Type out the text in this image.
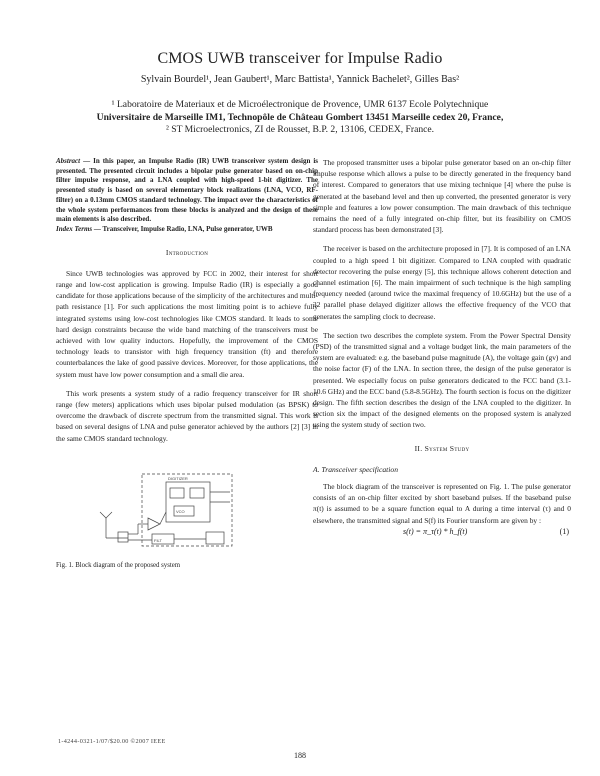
CMOS UWB transceiver for Impulse Radio
Sylvain Bourdel¹, Jean Gaubert¹, Marc Battista¹, Yannick Bachelet², Gilles Bas²
¹ Laboratoire de Materiaux et de Microélectronique de Provence, UMR 6137 Ecole Polytechnique
Universitaire de Marseille IM1, Technopôle de Château Gombert 13451 Marseille cedex 20, France,
² ST Microelectronics, ZI de Rousset, B.P. 2, 13106, CEDEX, France.

Abstract — In this paper, an Impulse Radio (IR) UWB transceiver system design is presented. The presented circuit includes a bipolar pulse generator based on on-chip filter impulse response, and a LNA coupled with high-speed 1-bit digitizer. The presented study is based on several elementary block realizations (LNA, VCO, RF-filter) on a 0.13mm CMOS standard technology. The impact over the characteristics of the whole system performances from these blocks is analyzed and the design of these main elements is also described.

Index Terms — Transceiver, Impulse Radio, LNA, Pulse generator, UWB

Introduction

Since UWB technologies was approved by FCC in 2002, their interest for short range and low-cost application is growing. Impulse Radio (IR) is especially a good candidate for those applications because of the simplicity of the architectures and multi-path resistance [1]. For such applications the most limiting point is to achieve fully integrated systems using low-cost technologies like CMOS standard. It leads to some hard design constraints because the wide band matching of the transceivers must be achieved with low quality inductors. Hopefully, the improvement of the CMOS technology leads to transistor with high frequency transition (ft) and therefore counterbalances the lake of good passive devices. Moreover, for those applications, the system must have low power consumption and a small die area.

This work presents a system study of a radio frequency transceiver for IR short range (few meters) applications which uses bipolar pulsed modulation (as BPSK) to overcome the drawback of discrete spectrum from the transmitted signal. This work is based on several designs of LNA and pulse generator achieved by the authors [2] [3] in the same CMOS standard technology.

DIGITIZER
VCO
FILT
Fig. 1. Block diagram of the proposed system

The proposed transmitter uses a bipolar pulse generator based on an on-chip filter impulse response which allows a pulse to be directly generated in the frequency band of interest. Compared to generators that use mixing technique [4] where the pulse is generated at the baseband level and then up converted, the presented generator is very simple and features a low power consumption. The main drawback of this technique remains the need of a fully integrated on-chip filter, but its feasibility on CMOS standard process has been demonstrated [3].

The receiver is based on the architecture proposed in [7]. It is composed of an LNA coupled to a high speed 1 bit digitizer. Compared to LNA coupled with quadratic detector recovering the pulse energy [5], this technique allows coherent detection and channel estimation [6]. The main impairment of such technique is the high sampling frequency needed (around twice the maximal frequency of 10.6GHz) but the use of a 32 parallel phase delayed digitizer allows the effective frequency of the VCO that generates the sampling clock to decrease.

The section two describes the complete system. From the Power Spectral Density (PSD) of the transmitted signal and a voltage budget link, the main parameters of the system are evaluated: e.g. the baseband pulse magnitude (A), the voltage gain (gv) and the noise factor (F) of the LNA. In section three, the design of the pulse generator is presented. We especially focus on pulse generators dedicated to the FCC band (3.1-10.6 GHz) and the ECC band (5.8-8.5GHz). The fourth section is focus on the digitizer design. The fifth section describes the design of the LNA coupled to the digitizer. In section six the impact of the designed elements on the proposed system is analyzed using the system study of section two.

II. System Study
A. Transceiver specification

The block diagram of the transceiver is represented on Fig. 1. The pulse generator consists of an on-chip filter excited by short baseband pulses. If the baseband pulse π(t) is assumed to be a square function equal to A during a time interval (τ) and 0 elsewhere, the transmitted signal and S(f) its Fourier transform are given by :

s(t) = π_τ(t) * h_f(t)	(1)
1-4244-0321-1/07/$20.00 ©2007 IEEE
188
